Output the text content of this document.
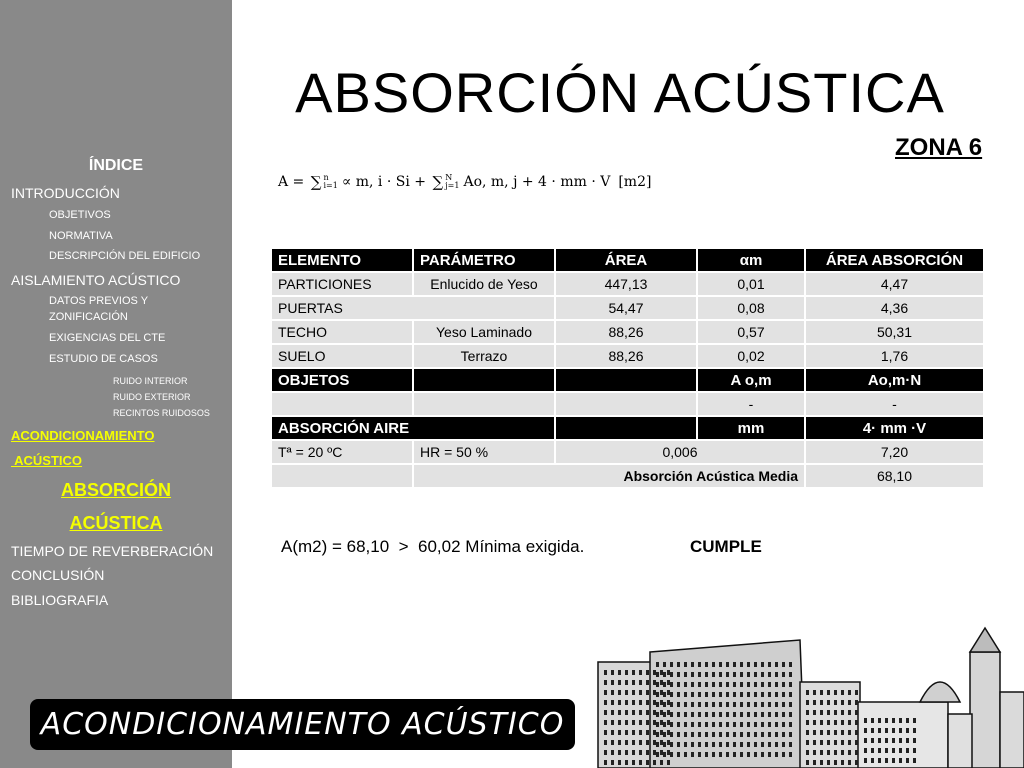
ÍNDICE
INTRODUCCIÓN
OBJETIVOS
NORMATIVA
DESCRIPCIÓN DEL EDIFICIO
AISLAMIENTO ACÚSTICO
DATOS PREVIOS Y
ZONIFICACIÓN
EXIGENCIAS DEL CTE
ESTUDIO DE CASOS
RUIDO INTERIOR
RUIDO EXTERIOR
RECINTOS RUIDOSOS
ACONDICIONAMIENTO
ACÚSTICO
ABSORCIÓN
ACÚSTICA
TIEMPO DE REVERBERACIÓN
CONCLUSIÓN
BIBLIOGRAFIA
ABSORCIÓN ACÚSTICA
ZONA 6
A = ∑ n
i=1 ∝ m, i · Si + ∑ N
j=1 Ao, m, j + 4 · mm · V [m2]
ELEMENTO	PARÁMETRO	ÁREA	αm	ÁREA ABSORCIÓN
PARTICIONES	Enlucido de Yeso	447,13	0,01	4,47
PUERTAS		54,47	0,08	4,36
TECHO	Yeso Laminado	88,26	0,57	50,31
SUELO	Terrazo	88,26	0,02	1,76
OBJETOS			A o,m	Ao,m·N
			-	-
ABSORCIÓN AIRE			mm	4· mm ·V
Tª = 20 ºC	HR = 50 %	0,006		7,20
	Absorción Acústica Media			68,10
A(m2) = 68,10  >  60,02 Mínima exigida.	CUMPLE
ACONDICIONAMIENTO ACÚSTICO
